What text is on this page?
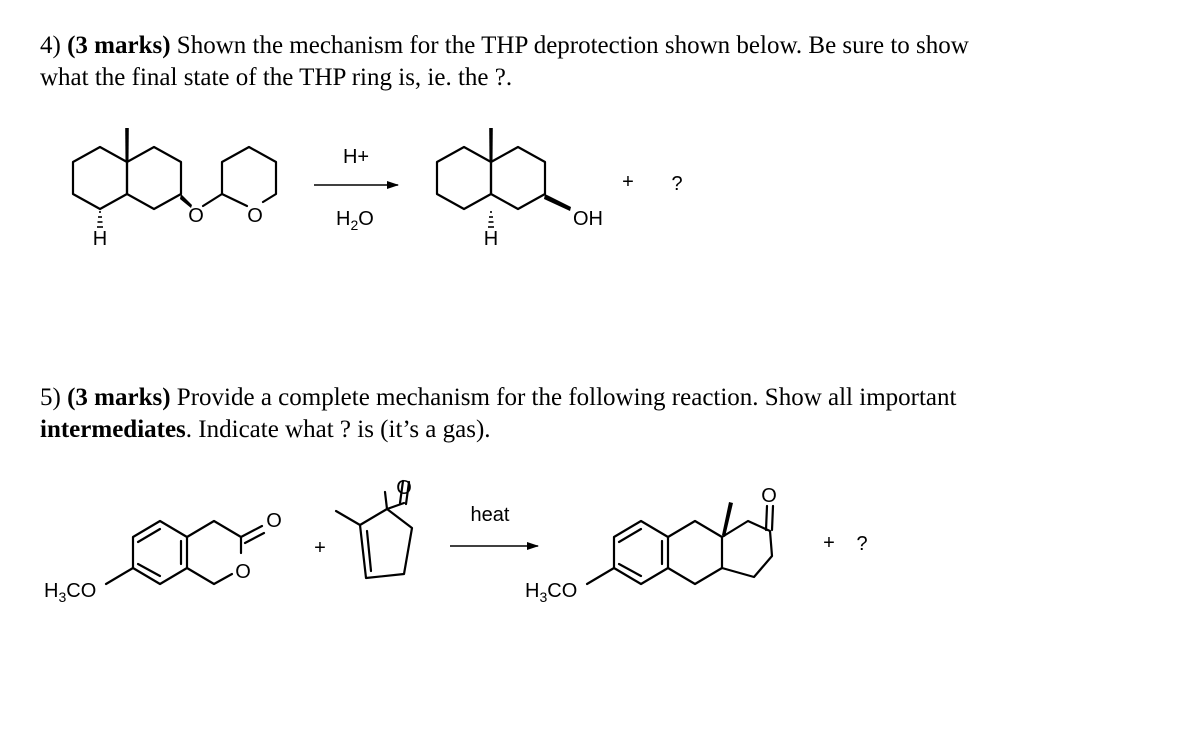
4) (3 marks) Shown the mechanism for the THP deprotection shown below. Be sure to show
what the final state of the THP ring is, ie. the ?.
5) (3 marks) Provide a complete mechanism for the following reaction. Show all important
intermediates. Indicate what ? is (it’s a gas).
H
O O
H+
$H_2O$
H
OH
+ ?
O
O
$H_3CO$
+
O
heat
O
$H_3CO$
+ ?
